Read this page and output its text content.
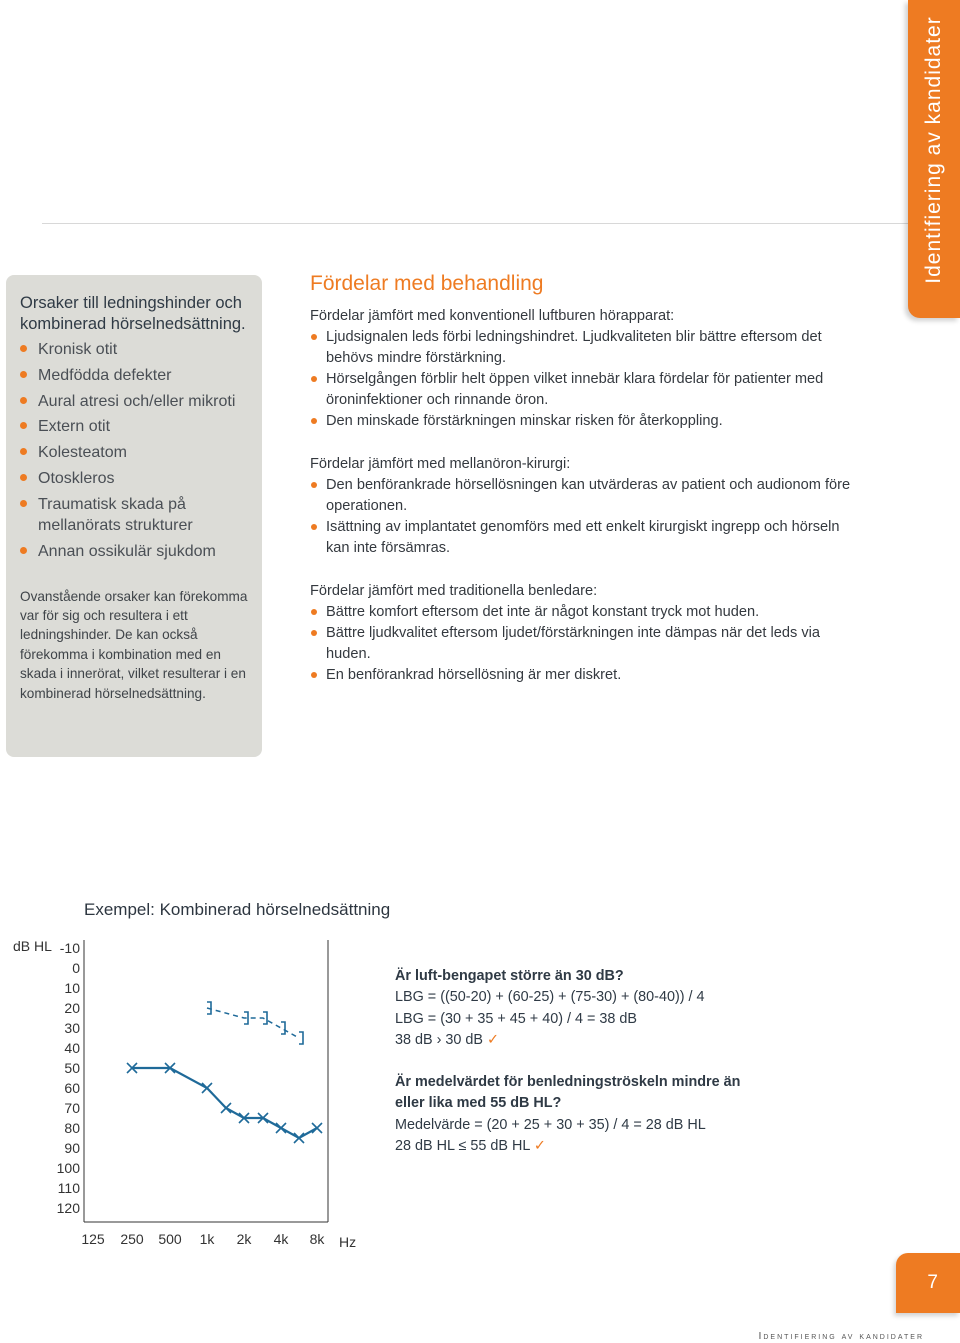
Identifiering av kandidater
Orsaker till ledningshinder och kombinerad hörselnedsättning.
Kronisk otit
Medfödda defekter
Aural atresi och/eller mikroti
Extern otit
Kolesteatom
Otoskleros
Traumatisk skada på mellanörats strukturer
Annan ossikulär sjukdom

Ovanstående orsaker kan förekomma var för sig och resultera i ett ledningshinder. De kan också förekomma i kombination med en skada i innerörat, vilket resulterar i en kombinerad hörselnedsättning.

Fördelar med behandling
Fördelar jämfört med konventionell luftburen hörapparat:
Ljudsignalen leds förbi ledningshindret. Ljudkvaliteten blir bättre eftersom det behövs mindre förstärkning.
Hörselgången förblir helt öppen vilket innebär klara fördelar för patienter med öroninfektioner och rinnande öron.
Den minskade förstärkningen minskar risken för återkoppling.
Fördelar jämfört med mellanöron-kirurgi:
Den benförankrade hörsellösningen kan utvärderas av patient och audionom före operationen.
Isättning av implantatet genomförs med ett enkelt kirurgiskt ingrepp och hörseln kan inte försämras.
Fördelar jämfört med traditionella benledare:
Bättre komfort eftersom det inte är något konstant tryck mot huden.
Bättre ljudkvalitet eftersom ljudet/förstärkningen inte dämpas när det leds via huden.
En benförankrad hörsellösning är mer diskret.
Exempel: Kombinerad hörselnedsättning
dB HL -10
0
10
20
30
40
50
60
70
80
90
100
110
120
125	250	500	1k	2k	4k	8k	Hz
Är luft-bengapet större än 30 dB?
LBG = ((50-20) + (60-25) + (75-30) + (80-40)) / 4
LBG = (30 + 35 + 45 + 40) / 4 = 38 dB
38 dB › 30 dB ✓
Är medelvärdet för benledningströskeln mindre än eller lika med 55 dB HL?
Medelvärde = (20 + 25 + 30 + 35) / 4 = 28 dB HL
28 dB HL ≤ 55 dB HL ✓
7
Identifiering av kandidater
